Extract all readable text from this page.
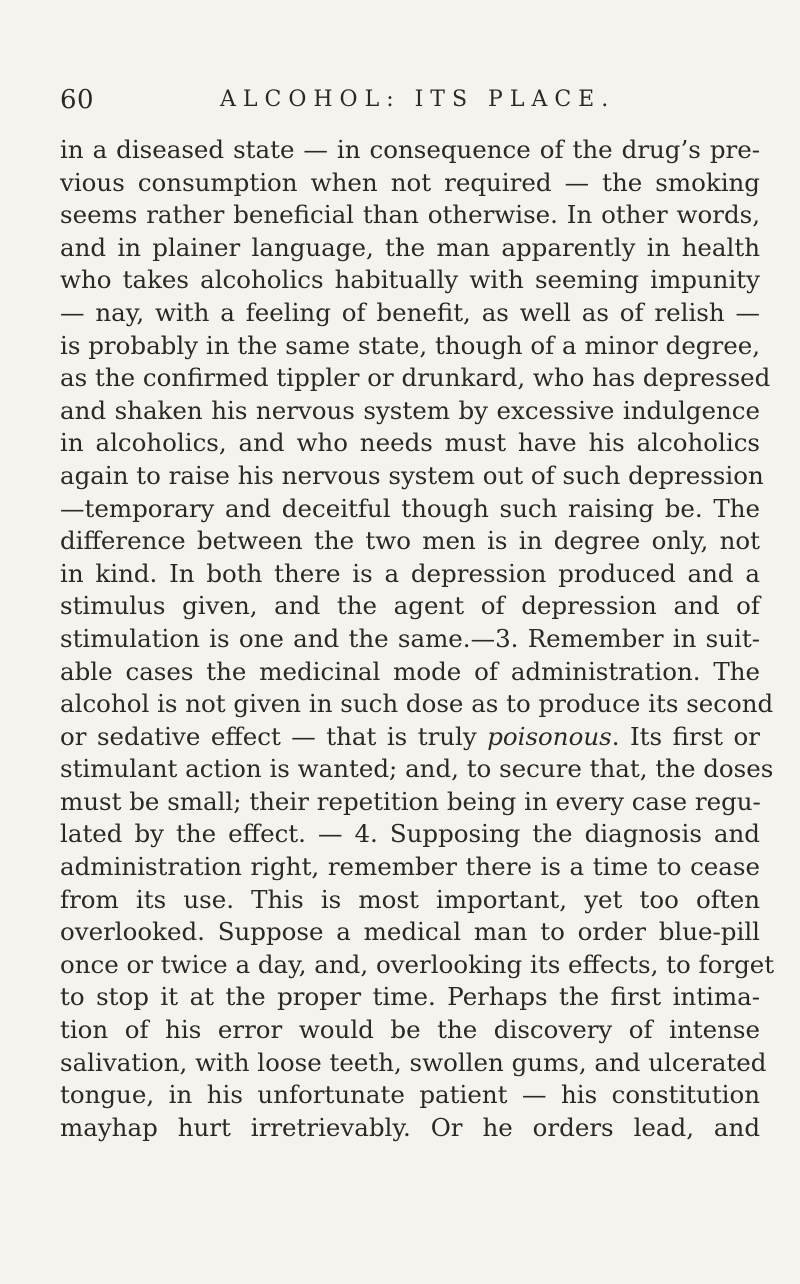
60	ALCOHOL: ITS PLACE.
in a diseased state — in consequence of the drug’s pre-
vious consumption when not required — the smoking
seems rather beneficial than otherwise. In other words,
and in plainer language, the man apparently in health
who takes alcoholics habitually with seeming impunity
— nay, with a feeling of benefit, as well as of relish —
is probably in the same state, though of a minor degree,
as the confirmed tippler or drunkard, who has depressed
and shaken his nervous system by excessive indulgence
in alcoholics, and who needs must have his alcoholics
again to raise his nervous system out of such depression
—temporary and deceitful though such raising be. The
difference between the two men is in degree only, not
in kind. In both there is a depression produced and a
stimulus given, and the agent of depression and of
stimulation is one and the same.—3. Remember in suit-
able cases the medicinal mode of administration. The
alcohol is not given in such dose as to produce its second
or sedative effect — that is truly poisonous. Its first or
stimulant action is wanted; and, to secure that, the doses
must be small; their repetition being in every case regu-
lated by the effect. — 4. Supposing the diagnosis and
administration right, remember there is a time to cease
from its use. This is most important, yet too often
overlooked. Suppose a medical man to order blue-pill
once or twice a day, and, overlooking its effects, to forget
to stop it at the proper time. Perhaps the first intima-
tion of his error would be the discovery of intense
salivation, with loose teeth, swollen gums, and ulcerated
tongue, in his unfortunate patient — his constitution
mayhap hurt irretrievably. Or he orders lead, and
